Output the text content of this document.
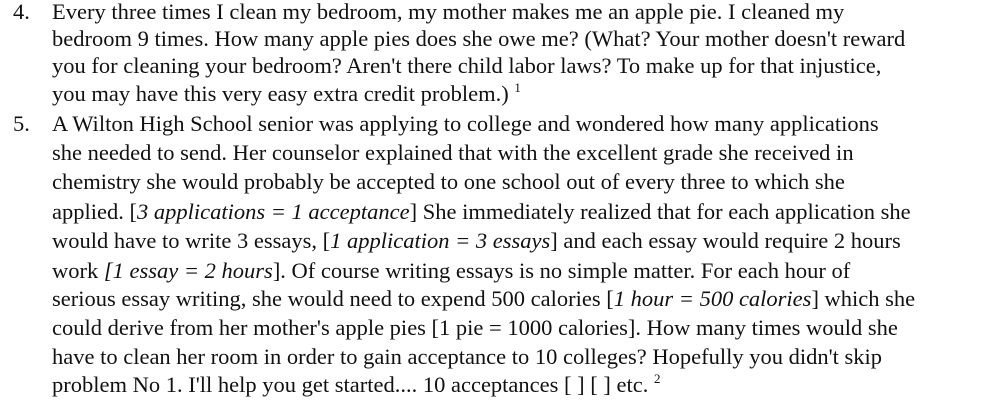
4. Every three times I clean my bedroom, my mother makes me an apple pie. I cleaned my
bedroom 9 times. How many apple pies does she owe me? (What? Your mother doesn't reward
you for cleaning your bedroom? Aren't there child labor laws? To make up for that injustice,
you may have this very easy extra credit problem.) $^1$
5. A Wilton High School senior was applying to college and wondered how many applications
she needed to send. Her counselor explained that with the excellent grade she received in
chemistry she would probably be accepted to one school out of every three to which she
applied. [3 applications = 1 acceptance] She immediately realized that for each application she
would have to write 3 essays, [1 application = 3 essays] and each essay would require 2 hours
work [1 essay = 2 hours]. Of course writing essays is no simple matter. For each hour of
serious essay writing, she would need to expend 500 calories [1 hour = 500 calories] which she
could derive from her mother's apple pies [1 pie = 1000 calories]. How many times would she
have to clean her room in order to gain acceptance to 10 colleges? Hopefully you didn't skip
problem No 1. I'll help you get started.... 10 acceptances [ ] [ ] etc. $^2$
